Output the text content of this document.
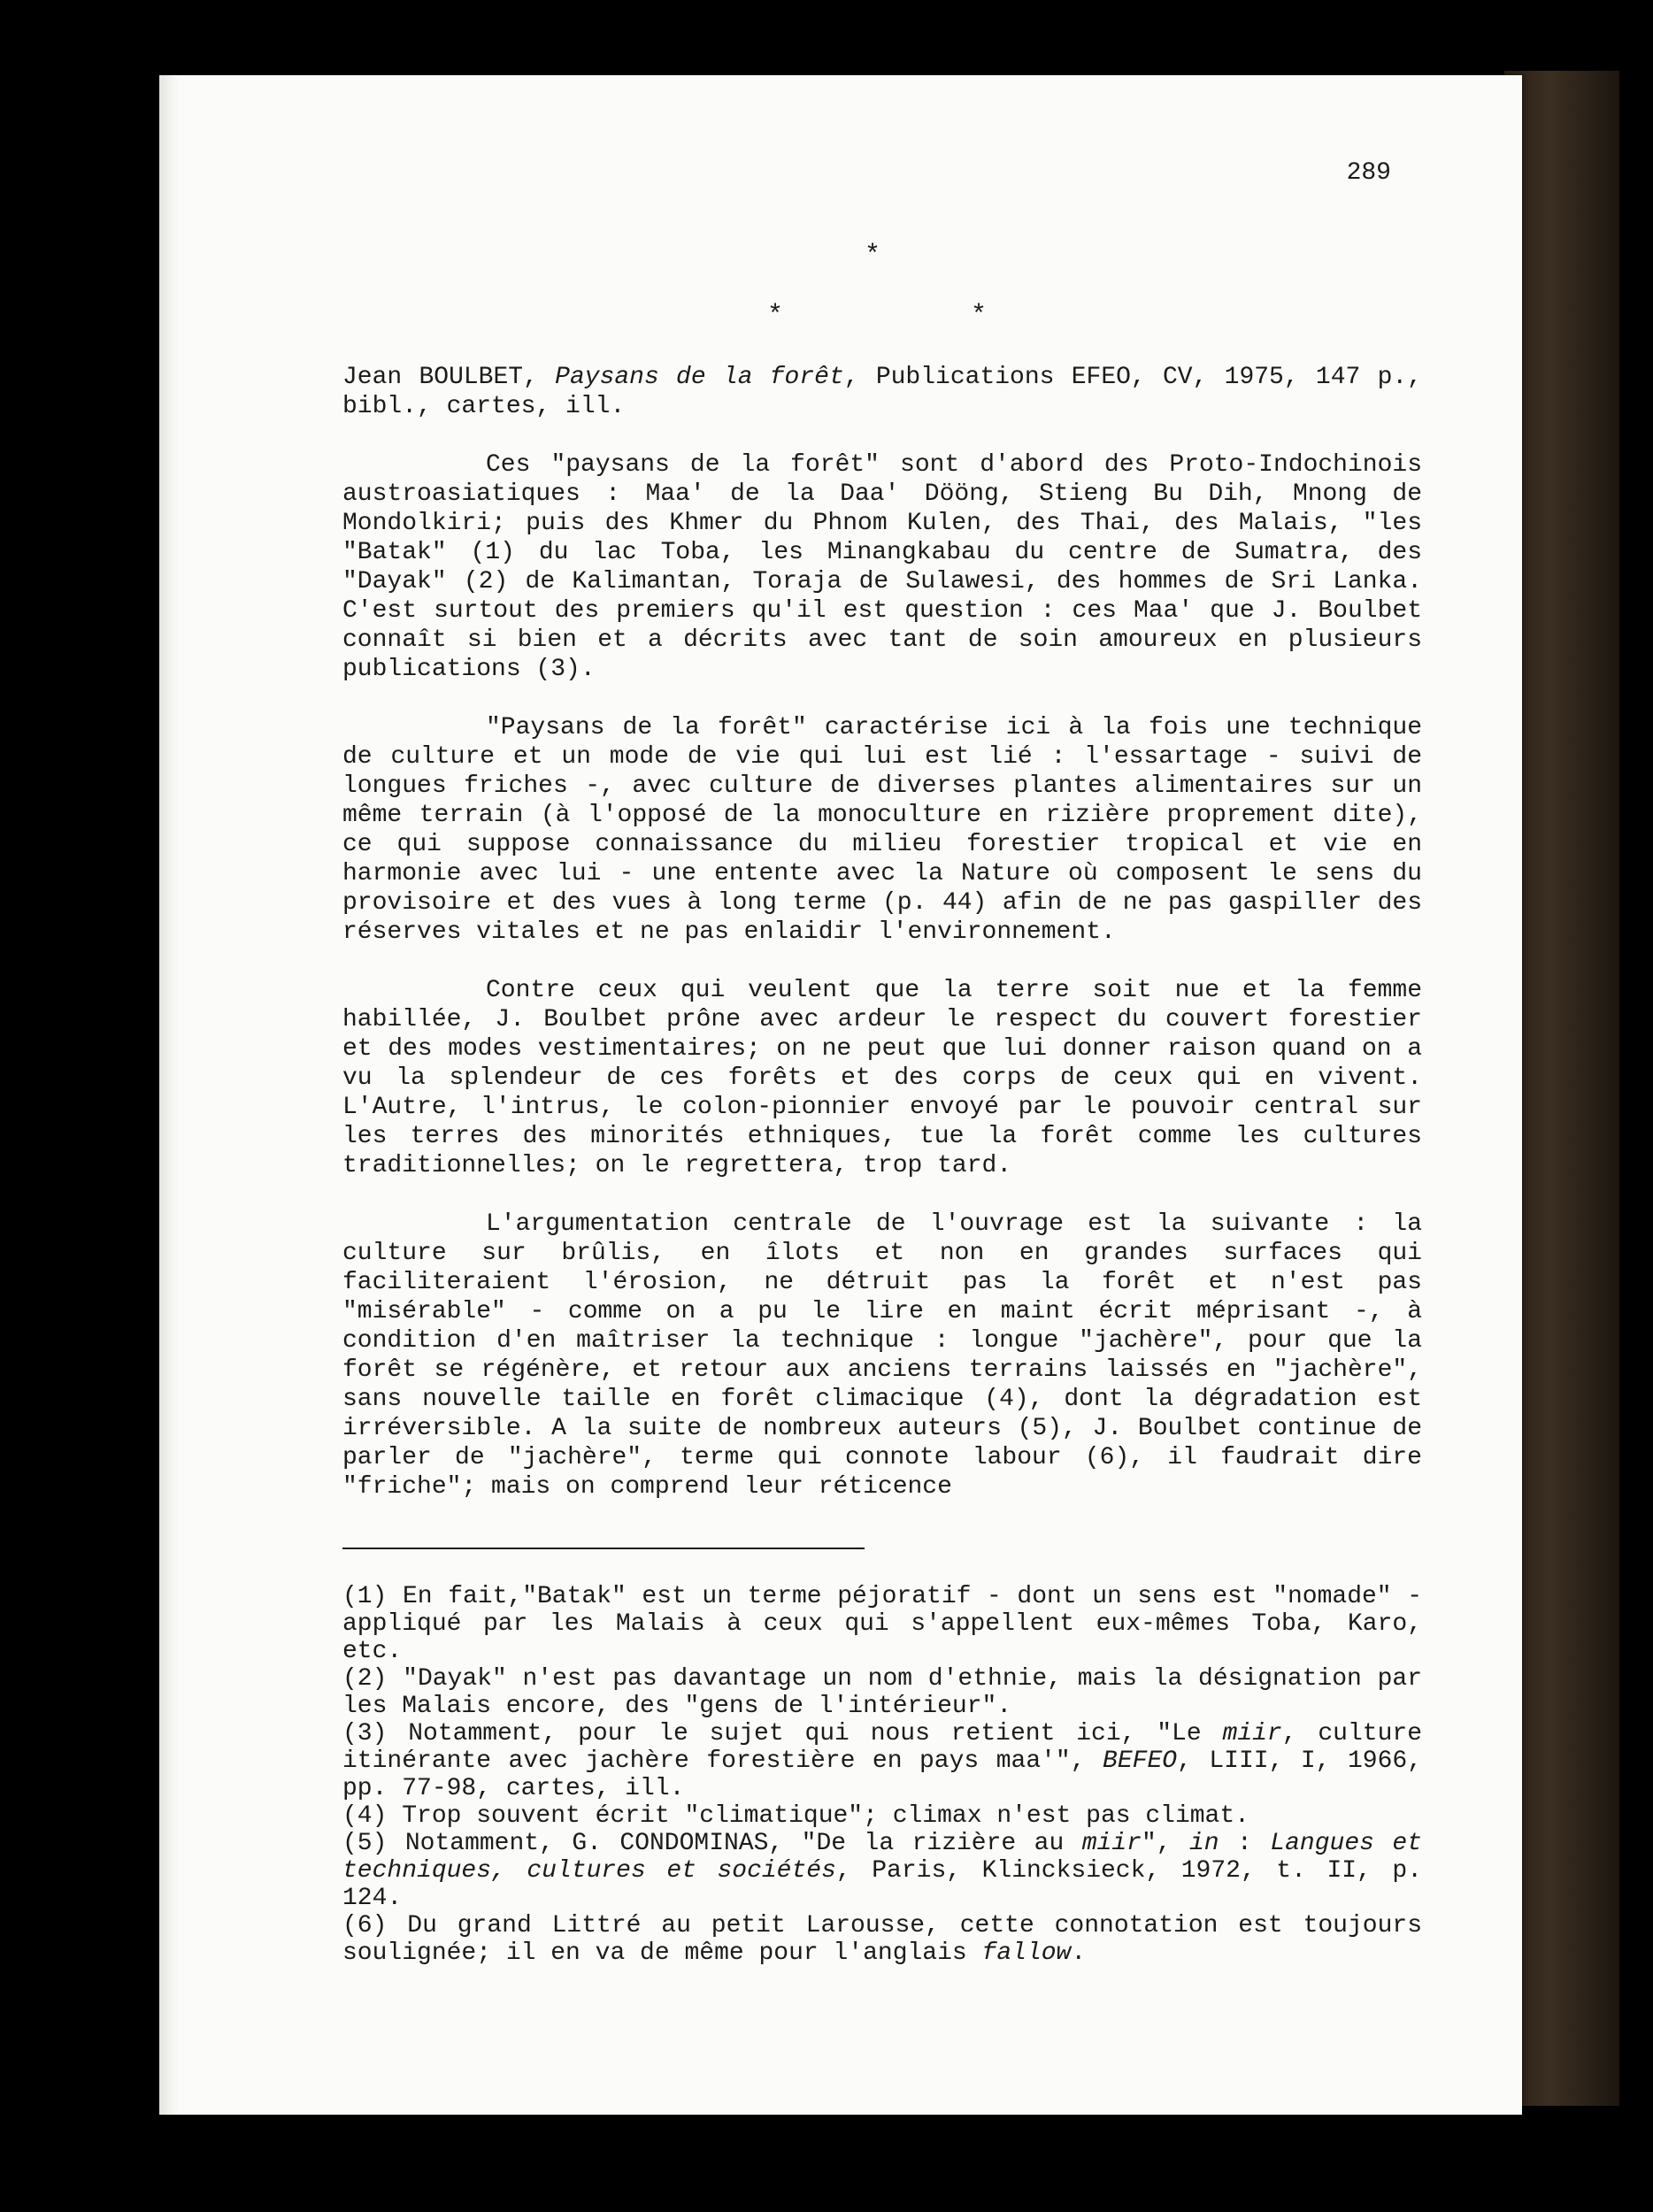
289
*
*	*

Jean BOULBET, Paysans de la forêt, Publications EFEO, CV, 1975, 147 p., bibl., cartes, ill.

Ces "paysans de la forêt" sont d'abord des Proto-Indochinois austroasiatiques : Maa' de la Daa' Dööng, Stieng Bu Dih, Mnong de Mondolkiri; puis des Khmer du Phnom Kulen, des Thai, des Malais, "les "Batak" (1) du lac Toba, les Minangkabau du centre de Sumatra, des "Dayak" (2) de Kalimantan, Toraja de Sulawesi, des hommes de Sri Lanka. C'est surtout des premiers qu'il est question : ces Maa' que J. Boulbet connaît si bien et a décrits avec tant de soin amoureux en plusieurs publications (3).

"Paysans de la forêt" caractérise ici à la fois une technique de culture et un mode de vie qui lui est lié : l'essartage - suivi de longues friches -, avec culture de diverses plantes alimentaires sur un même terrain (à l'opposé de la monoculture en rizière proprement dite), ce qui suppose connaissance du milieu forestier tropical et vie en harmonie avec lui - une entente avec la Nature où composent le sens du provisoire et des vues à long terme (p. 44) afin de ne pas gaspiller des réserves vitales et ne pas enlaidir l'environnement.

Contre ceux qui veulent que la terre soit nue et la femme habillée, J. Boulbet prône avec ardeur le respect du couvert forestier et des modes vestimentaires; on ne peut que lui donner raison quand on a vu la splendeur de ces forêts et des corps de ceux qui en vivent. L'Autre, l'intrus, le colon-pionnier envoyé par le pouvoir central sur les terres des minorités ethniques, tue la forêt comme les cultures traditionnelles; on le regrettera, trop tard.

L'argumentation centrale de l'ouvrage est la suivante : la culture sur brûlis, en îlots et non en grandes surfaces qui faciliteraient l'érosion, ne détruit pas la forêt et n'est pas "misérable" - comme on a pu le lire en maint écrit méprisant -, à condition d'en maîtriser la technique : longue "jachère", pour que la forêt se régénère, et retour aux anciens terrains laissés en "jachère", sans nouvelle taille en forêt climacique (4), dont la dégradation est irréversible. A la suite de nombreux auteurs (5), J. Boulbet continue de parler de "jachère", terme qui connote labour (6), il faudrait dire "friche"; mais on comprend leur réticence

(1) En fait,"Batak" est un terme péjoratif - dont un sens est "nomade" - appliqué par les Malais à ceux qui s'appellent eux-mêmes Toba, Karo, etc.

(2) "Dayak" n'est pas davantage un nom d'ethnie, mais la désignation par les Malais encore, des "gens de l'intérieur".

(3) Notamment, pour le sujet qui nous retient ici, "Le miir, culture itinérante avec jachère forestière en pays maa'", BEFEO, LIII, I, 1966, pp. 77-98, cartes, ill.

(4) Trop souvent écrit "climatique"; climax n'est pas climat.

(5) Notamment, G. CONDOMINAS, "De la rizière au miir", in : Langues et techniques, cultures et sociétés, Paris, Klincksieck, 1972, t. II, p. 124.

(6) Du grand Littré au petit Larousse, cette connotation est toujours soulignée; il en va de même pour l'anglais fallow.
